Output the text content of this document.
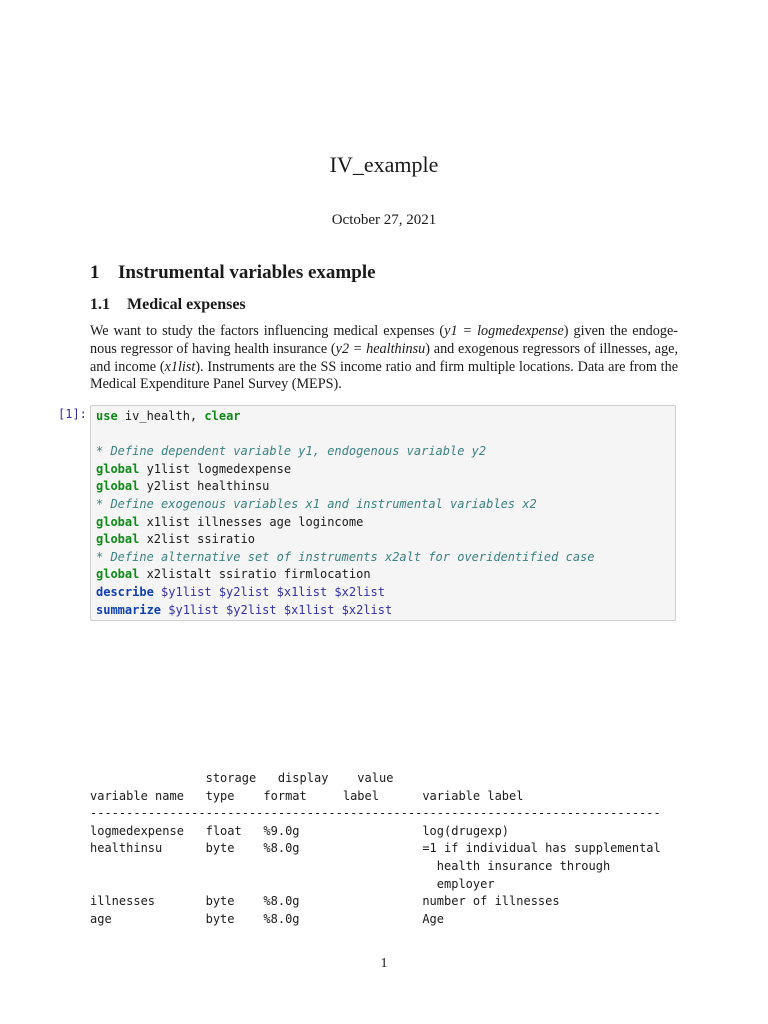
IV_example
October 27, 2021
1 Instrumental variables example
1.1 Medical expenses
We want to study the factors influencing medical expenses (y1 = logmedexpense) given the endoge-nous regressor of having health insurance (y2 = healthinsu) and exogenous regressors of illnesses, age, and income (x1list). Instruments are the SS income ratio and firm multiple locations. Data are from the Medical Expenditure Panel Survey (MEPS).
[1]: use iv_health, clear

* Define dependent variable y1, endogenous variable y2
global y1list logmedexpense
global y2list healthinsu
* Define exogenous variables x1 and instrumental variables x2
global x1list illnesses age logincome
global x2list ssiratio
* Define alternative set of instruments x2alt for overidentified case
global x2listalt ssiratio firmlocation
describe $y1list $y2list $x1list $x2list
summarize $y1list $y2list $x1list $x2list
storage   display    value
variable name   type    format     label      variable label
-------------------------------------------------------------------------------
logmedexpense   float   %9.0g                 log(drugexp)
healthinsu      byte    %8.0g                 =1 if individual has supplemental
health insurance through
employer
illnesses       byte    %8.0g                 number of illnesses
age             byte    %8.0g                 Age
1
